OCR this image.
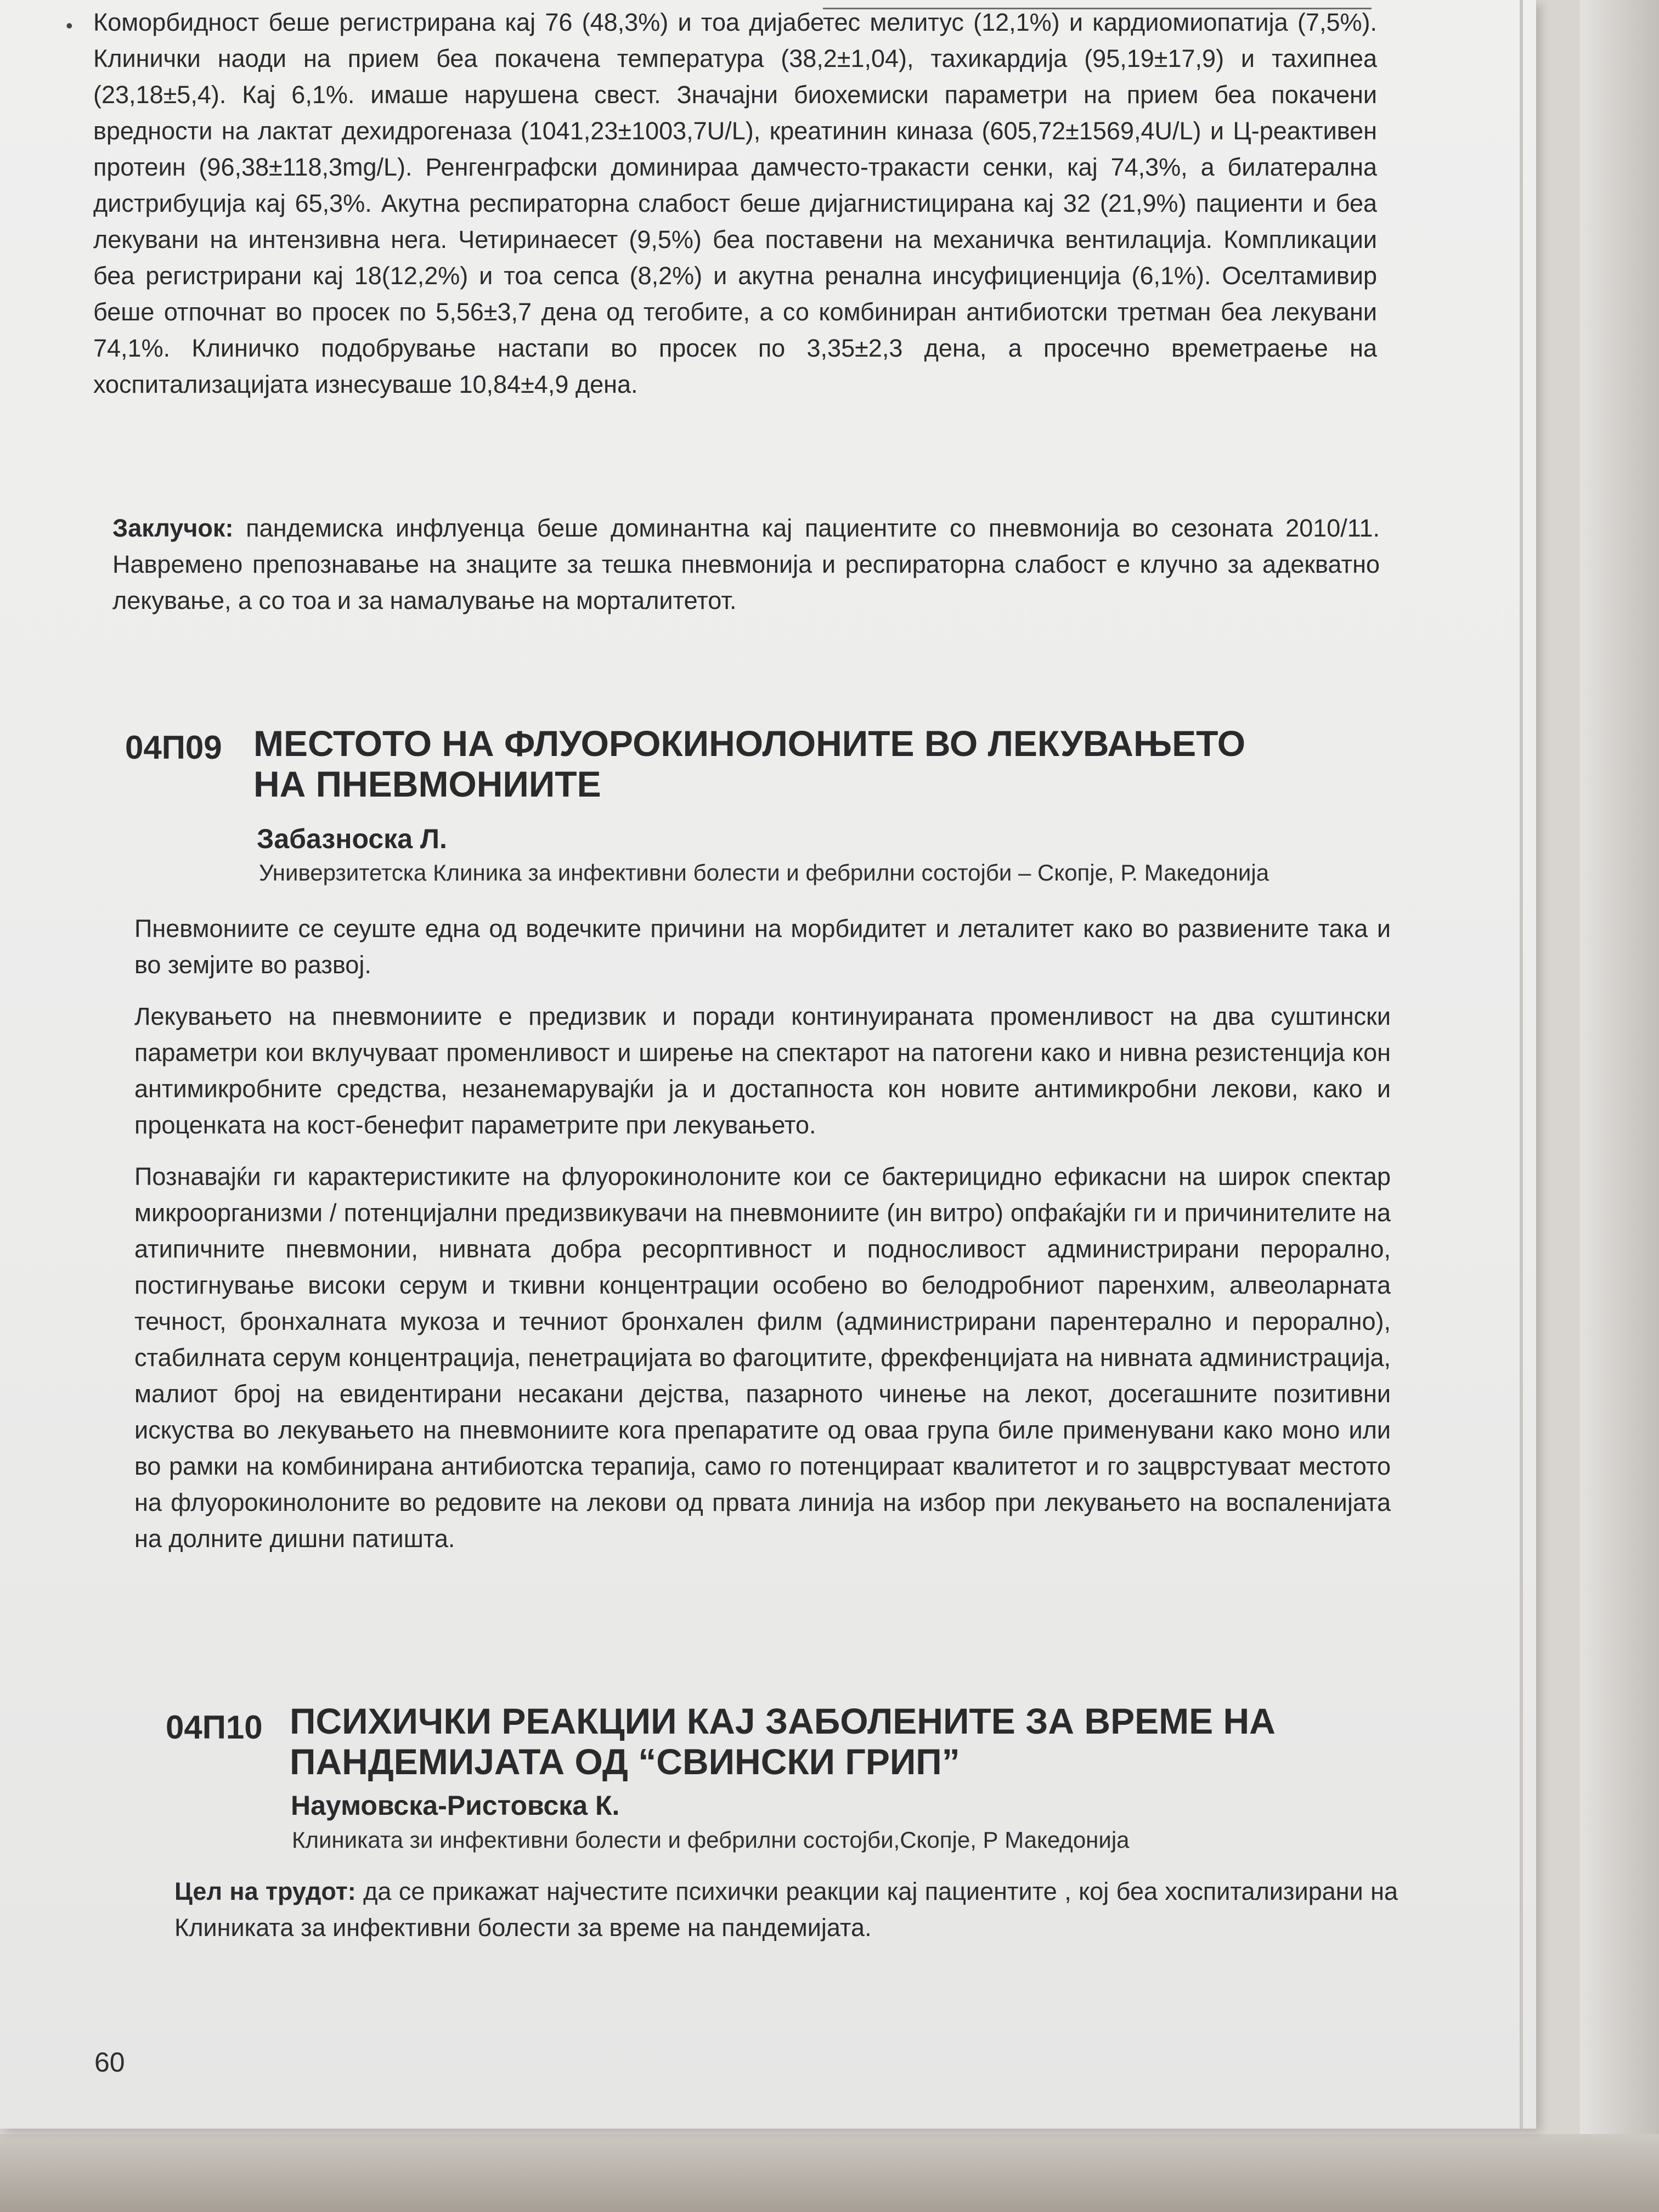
• Коморбидност беше регистрирана кај 76 (48,3%) и тоа дијабетес мелитус (12,1%) и кардиомиопатија (7,5%). Клинички наоди на прием беа покачена температура (38,2±1,04), тахикардија (95,19±17,9) и тахипнеа (23,18±5,4). Кај 6,1%. имаше нарушена свест. Значајни биохемиски параметри на прием беа покачени вредности на лактат дехидрогеназа (1041,23±1003,7U/L), креатинин киназа (605,72±1569,4U/L) и Ц-реактивен протеин (96,38±118,3mg/L). Ренгенграфски доминираа дамчесто-тракасти сенки, кај 74,3%, а билатерална дистрибуција кај 65,3%. Акутна респираторна слабост беше дијагнистицирана кај 32 (21,9%) пациенти и беа лекувани на интензивна нега. Четиринаесет (9,5%) беа поставени на механичка вентилација. Компликации беа регистрирани кај 18(12,2%) и тоа сепса (8,2%) и акутна ренална инсуфициенција (6,1%). Оселтамивир беше отпочнат во просек по 5,56±3,7 дена од тегобите, а со комбиниран антибиотски третман беа лекувани 74,1%. Клиничко подобрување настапи во просек по 3,35±2,3 дена, а просечно времетраење на хоспитализацијата изнесуваше 10,84±4,9 дена.

Заклучок: пандемиска инфлуенца беше доминантна кај пациентите со пневмонија во сезоната 2010/11. Навремено препознавање на знаците за тешка пневмонија и респираторна слабост е клучно за адекватно лекување, а со тоа и за намалување на морталитетот.

04П09 МЕСТОТО НА ФЛУОРОКИНОЛОНИТЕ ВО ЛЕКУВАЊЕТО
НА ПНЕВМОНИИТЕ
Забазноска Л.
Универзитетска Клиника за инфективни болести и фебрилни состојби – Скопје, Р. Македонија

Пневмониите се сеуште една од водечките причини на морбидитет и леталитет како во развиените така и во земјите во развој.

Лекувањето на пневмониите е предизвик и поради континуираната променливост на два суштински параметри кои вклучуваат променливост и ширење на спектарот на патогени како и нивна резистенција кон антимикробните средства, незанемарувајќи ја и достапноста кон новите антимикробни лекови, како и проценката на кост-бенефит параметрите при лекувањето.

Познавајќи ги карактеристиките на флуорокинолоните кои се бактерицидно ефикасни на широк спектар микроорганизми / потенцијални предизвикувачи на пневмониите (ин витро) опфаќајќи ги и причинителите на атипичните пневмонии, нивната добра ресорптивност и подносливост администрирани перорално, постигнување високи серум и ткивни концентрации особено во белодробниот паренхим, алвеоларната течност, бронхалната мукоза и течниот бронхален филм (администрирани парентерално и перорално), стабилната серум концентрација, пенетрацијата во фагоцитите, фрекфенцијата на нивната администрација, малиот број на евидентирани несакани дејства, пазарното чинење на лекот, досегашните позитивни искуства во лекувањето на пневмониите кога препаратите од оваа група биле применувани како моно или во рамки на комбинирана антибиотска терапија, само го потенцираат квалитетот и го зацврстуваат местото на флуорокинолоните во редовите на лекови од првата линија на избор при лекувањето на воспаленијата на долните дишни патишта.

04П10 ПСИХИЧКИ РЕАКЦИИ КАЈ ЗАБОЛЕНИТЕ ЗА ВРЕМЕ НА
ПАНДЕМИЈАТА ОД “СВИНСКИ ГРИП”
Наумовска-Ристовска К.
Клиниката зи инфективни болести и фебрилни состојби,Скопје, Р Македонија

Цел на трудот: да се прикажат најчестите психички реакции кај пациентите , кој беа хоспитализирани на Клиниката за инфективни болести за време на пандемијата.

60
